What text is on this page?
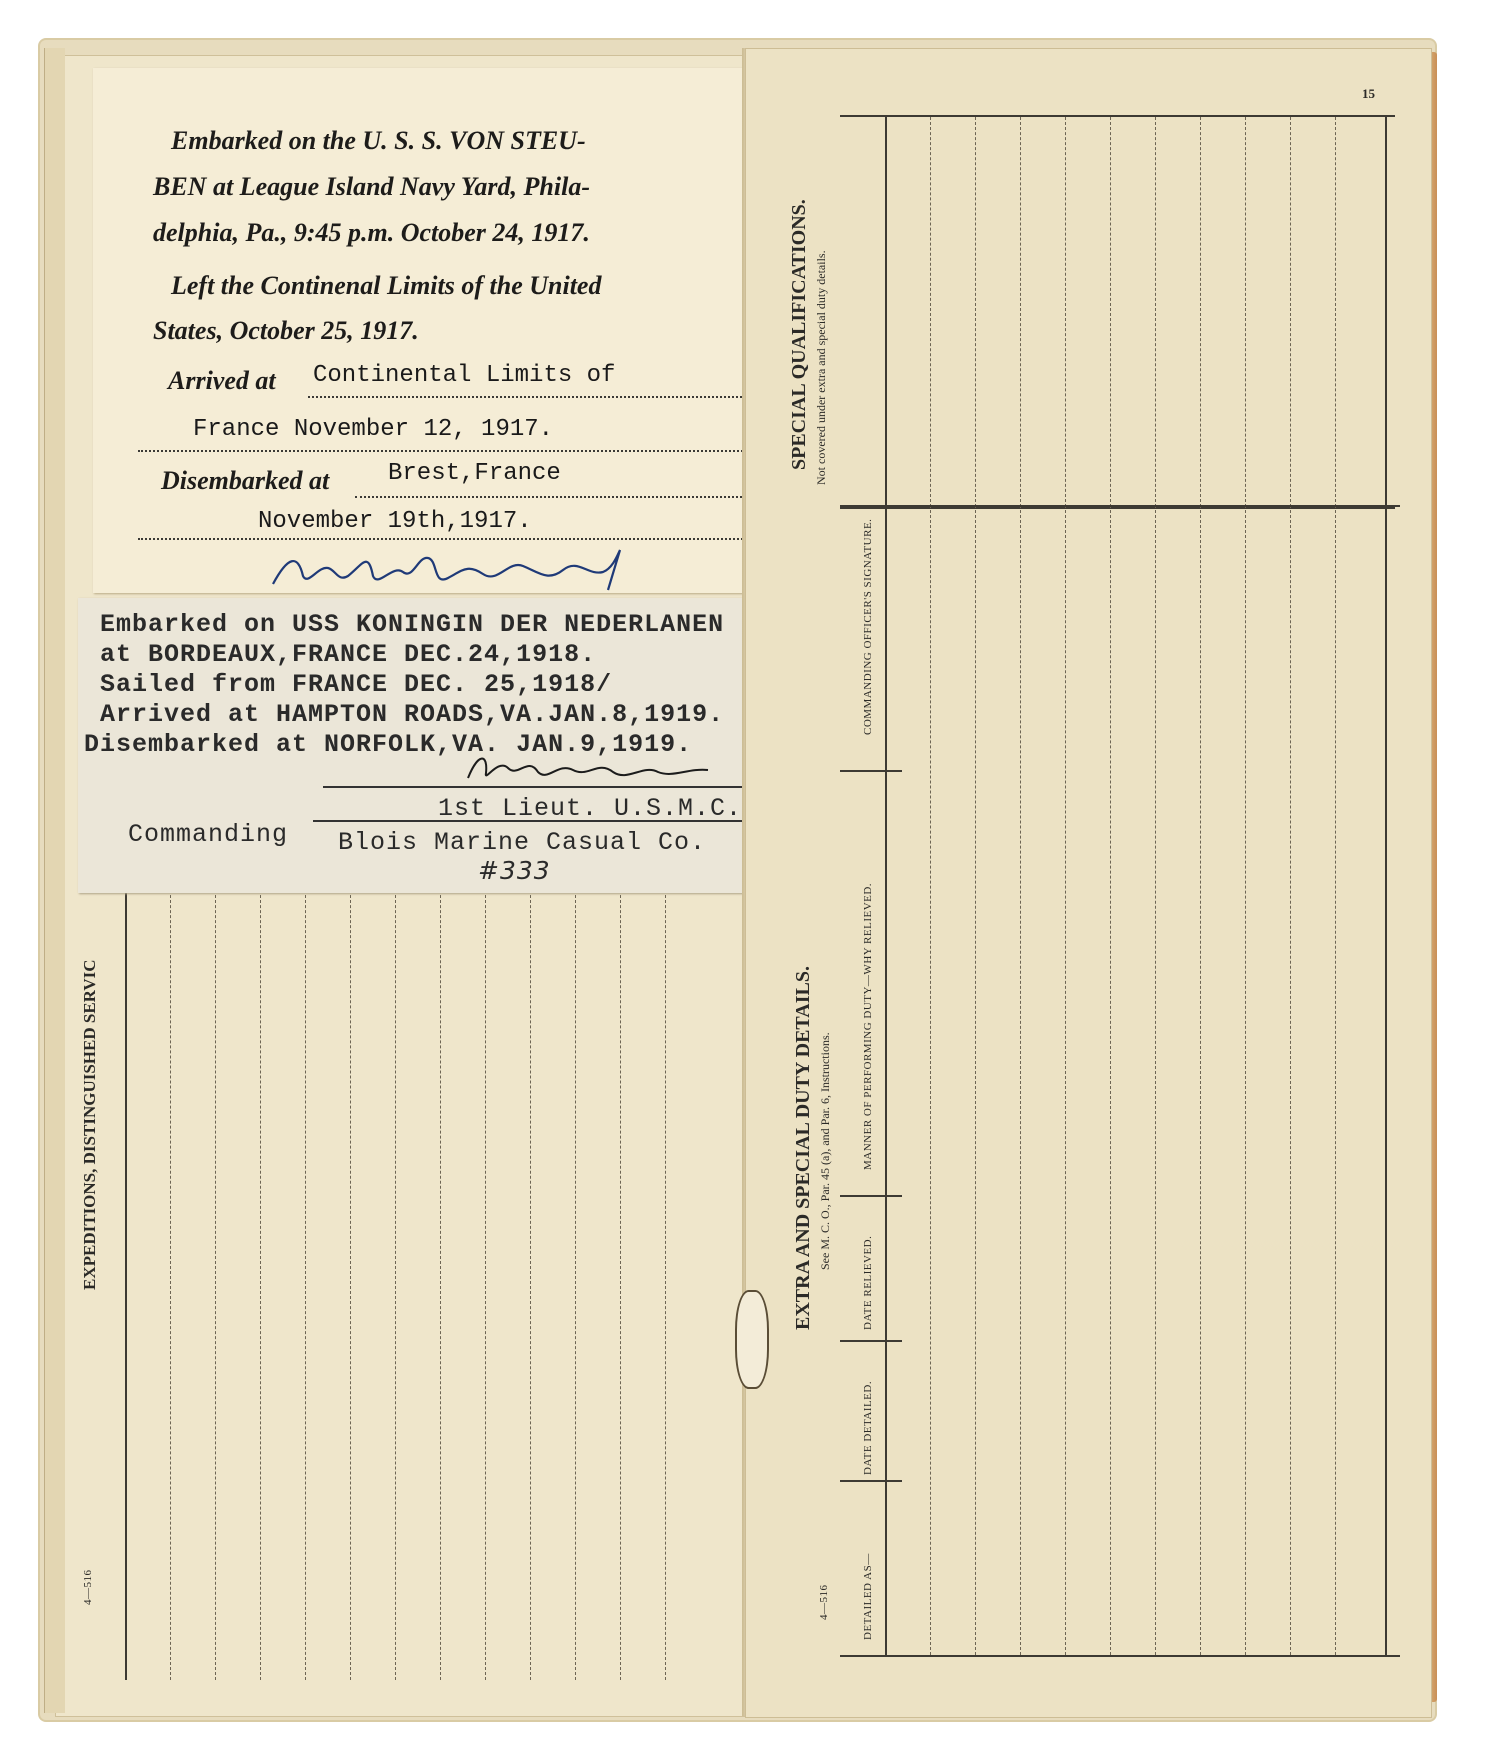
EXPEDITIONS, DISTINGUISHED SERVIC
4—516
Embarked on the U. S. S. VON STEU-
BEN at League Island Navy Yard, Phila-
delphia, Pa., 9:45 p.m. October 24, 1917.
Left the Continenal Limits of the United
States, October 25, 1917.
Arrived at Continental Limits of
France November 12, 1917.
Disembarked at Brest,France
November 19th,1917.
Embarked on USS KONINGIN DER NEDERLANEN
at BORDEAUX,FRANCE DEC.24,1918.
Sailed from FRANCE DEC. 25,1918/
Arrived at HAMPTON ROADS,VA.JAN.8,1919.
Disembarked at NORFOLK,VA. JAN.9,1919.
1st Lieut. U.S.M.C.
Commanding Blois Marine Casual Co.
#333
15
SPECIAL QUALIFICATIONS. Not covered under extra and special duty details.
EXTRA AND SPECIAL DUTY DETAILS. See M. C. O., Par. 45 (a), and Par. 6, Instructions.
4—516	DETAILED AS—
DATE DETAILED.
DATE RELIEVED.
MANNER OF PERFORMING DUTY—WHY RELIEVED.
COMMANDING OFFICER'S SIGNATURE.
